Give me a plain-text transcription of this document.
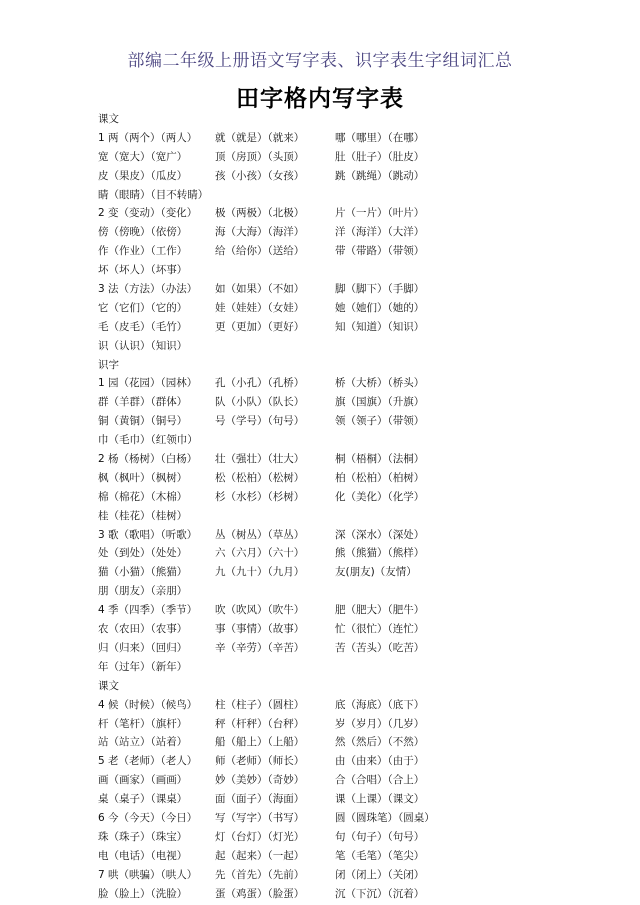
部编二年级上册语文写字表、识字表生字组词汇总
田字格内写字表
课文
1 两（两个）（两人） 就（就是）（就来）	哪（哪里）（在哪）
宽（宽大）（宽广）	顶（房顶）（头顶）	肚（肚子）（肚皮）
皮（果皮）（瓜皮）	孩（小孩）（女孩）	跳（跳绳）（跳动）
睛（眼睛）（目不转睛）
2 变（变动）（变化） 极（两极）（北极）	片（一片）（叶片）
傍（傍晚）（依傍）	海（大海）（海洋）	洋（海洋）（大洋）
作（作业）（工作）	给（给你）（送给）	带（带路）（带领）
坏（坏人）（坏事）
3 法（方法）（办法） 如（如果）（不如）	脚（脚下）（手脚）
它（它们）（它的）	娃（娃娃）（女娃）	她（她们）（她的）
毛（皮毛）（毛竹）	更（更加）（更好）	知（知道）（知识）
识（认识）（知识）
识字
1 园（花园）（园林） 孔（小孔）（孔桥）	桥（大桥）（桥头）
群（羊群）（群体）	队（小队）（队长）	旗（国旗）（升旗）
铜（黄铜）（铜号）	号（学号）（句号）	领（领子）（带领）
巾（毛巾）（红领巾）
2 杨（杨树）（白杨） 壮（强壮）（壮大）	桐（梧桐）（法桐）
枫（枫叶）（枫树）	松（松柏）（松树）	柏（松柏）（柏树）
棉（棉花）（木棉）	杉（水杉）（杉树）	化（美化）（化学）
桂（桂花）（桂树）
3 歌（歌唱）（听歌） 丛（树丛）（草丛）	深（深水）（深处）
处（到处）（处处）	六（六月）（六十）	熊（熊猫）（熊样）
猫（小猫）（熊猫）	九（九十）（九月）	友(朋友)（友情）
朋（朋友）（亲朋）
4 季（四季）（季节） 吹（吹风）（吹牛）	肥（肥大）（肥牛）
农（农田）（农事）	事（事情）（故事）	忙（很忙）（连忙）
归（归来）（回归）	辛（辛劳）（辛苦）	苦（苦头）（吃苦）
年（过年）（新年）
课文
4 候（时候）（候鸟） 柱（柱子）（圆柱）	底（海底）（底下）
杆（笔杆）（旗杆）	秤（杆秤）（台秤）	岁（岁月）（几岁）
站（站立）（站着）	船（船上）（上船）	然（然后）（不然）
5 老（老师）（老人） 师（老师）（师长）	由（由来）（由于）
画（画家）（画画）	妙（美妙）（奇妙）	合（合唱）（合上）
桌（桌子）（课桌）	面（面子）（海面）	课（上课）（课文）
6 今（今天）（今日） 写（写字）（书写）	圆（圆珠笔）（圆桌）
珠（珠子）（珠宝）	灯（台灯）（灯光）	句（句子）（句号）
电（电话）（电视）	起（起来）（一起）	笔（毛笔）（笔尖）
7 哄（哄骗）（哄人） 先（首先）（先前）	闭（闭上）（关闭）
脸（脸上）（洗脸）	蛋（鸡蛋）（脸蛋）	沉（下沉）（沉着）
